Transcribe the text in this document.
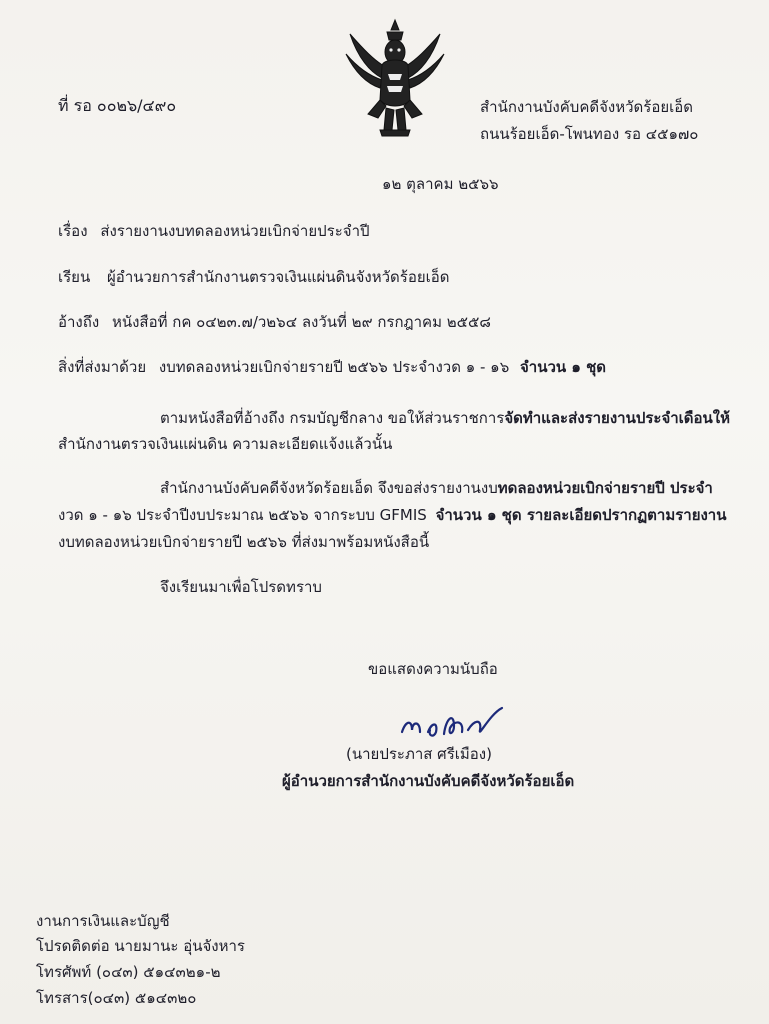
ที่ รอ ๐๐๒๖/๔๙๐	สำนักงานบังคับคดีจังหวัดร้อยเอ็ด
ถนนร้อยเอ็ด-โพนทอง รอ ๔๕๑๗๐
๑๒ ตุลาคม ๒๕๖๖
เรื่อง ส่งรายงานงบทดลองหน่วยเบิกจ่ายประจำปี
เรียน ผู้อำนวยการสำนักงานตรวจเงินแผ่นดินจังหวัดร้อยเอ็ด
อ้างถึง หนังสือที่ กค ๐๔๒๓.๗/ว๒๖๔ ลงวันที่ ๒๙ กรกฎาคม ๒๕๕๘
สิ่งที่ส่งมาด้วย งบทดลองหน่วยเบิกจ่ายรายปี ๒๕๖๖ ประจำงวด ๑ - ๑๖ จำนวน ๑ ชุด
ตามหนังสือที่อ้างถึง กรมบัญชีกลาง ขอให้ส่วนราชการจัดทำและส่งรายงานประจำเดือนให้
สำนักงานตรวจเงินแผ่นดิน ความละเอียดแจ้งแล้วนั้น
สำนักงานบังคับคดีจังหวัดร้อยเอ็ด จึงขอส่งรายงานงบทดลองหน่วยเบิกจ่ายรายปี ประจำ
งวด ๑ - ๑๖ ประจำปีงบประมาณ ๒๕๖๖ จากระบบ GFMIS จำนวน ๑ ชุด รายละเอียดปรากฏตามรายงาน
งบทดลองหน่วยเบิกจ่ายรายปี ๒๕๖๖ ที่ส่งมาพร้อมหนังสือนี้
จึงเรียนมาเพื่อโปรดทราบ
ขอแสดงความนับถือ
(นายประภาส ศรีเมือง)
ผู้อำนวยการสำนักงานบังคับคดีจังหวัดร้อยเอ็ด
งานการเงินและบัญชี
โปรดติดต่อ นายมานะ อุ่นจังหาร
โทรศัพท์ (๐๔๓) ๕๑๔๓๒๑-๒
โทรสาร(๐๔๓) ๕๑๔๓๒๐
